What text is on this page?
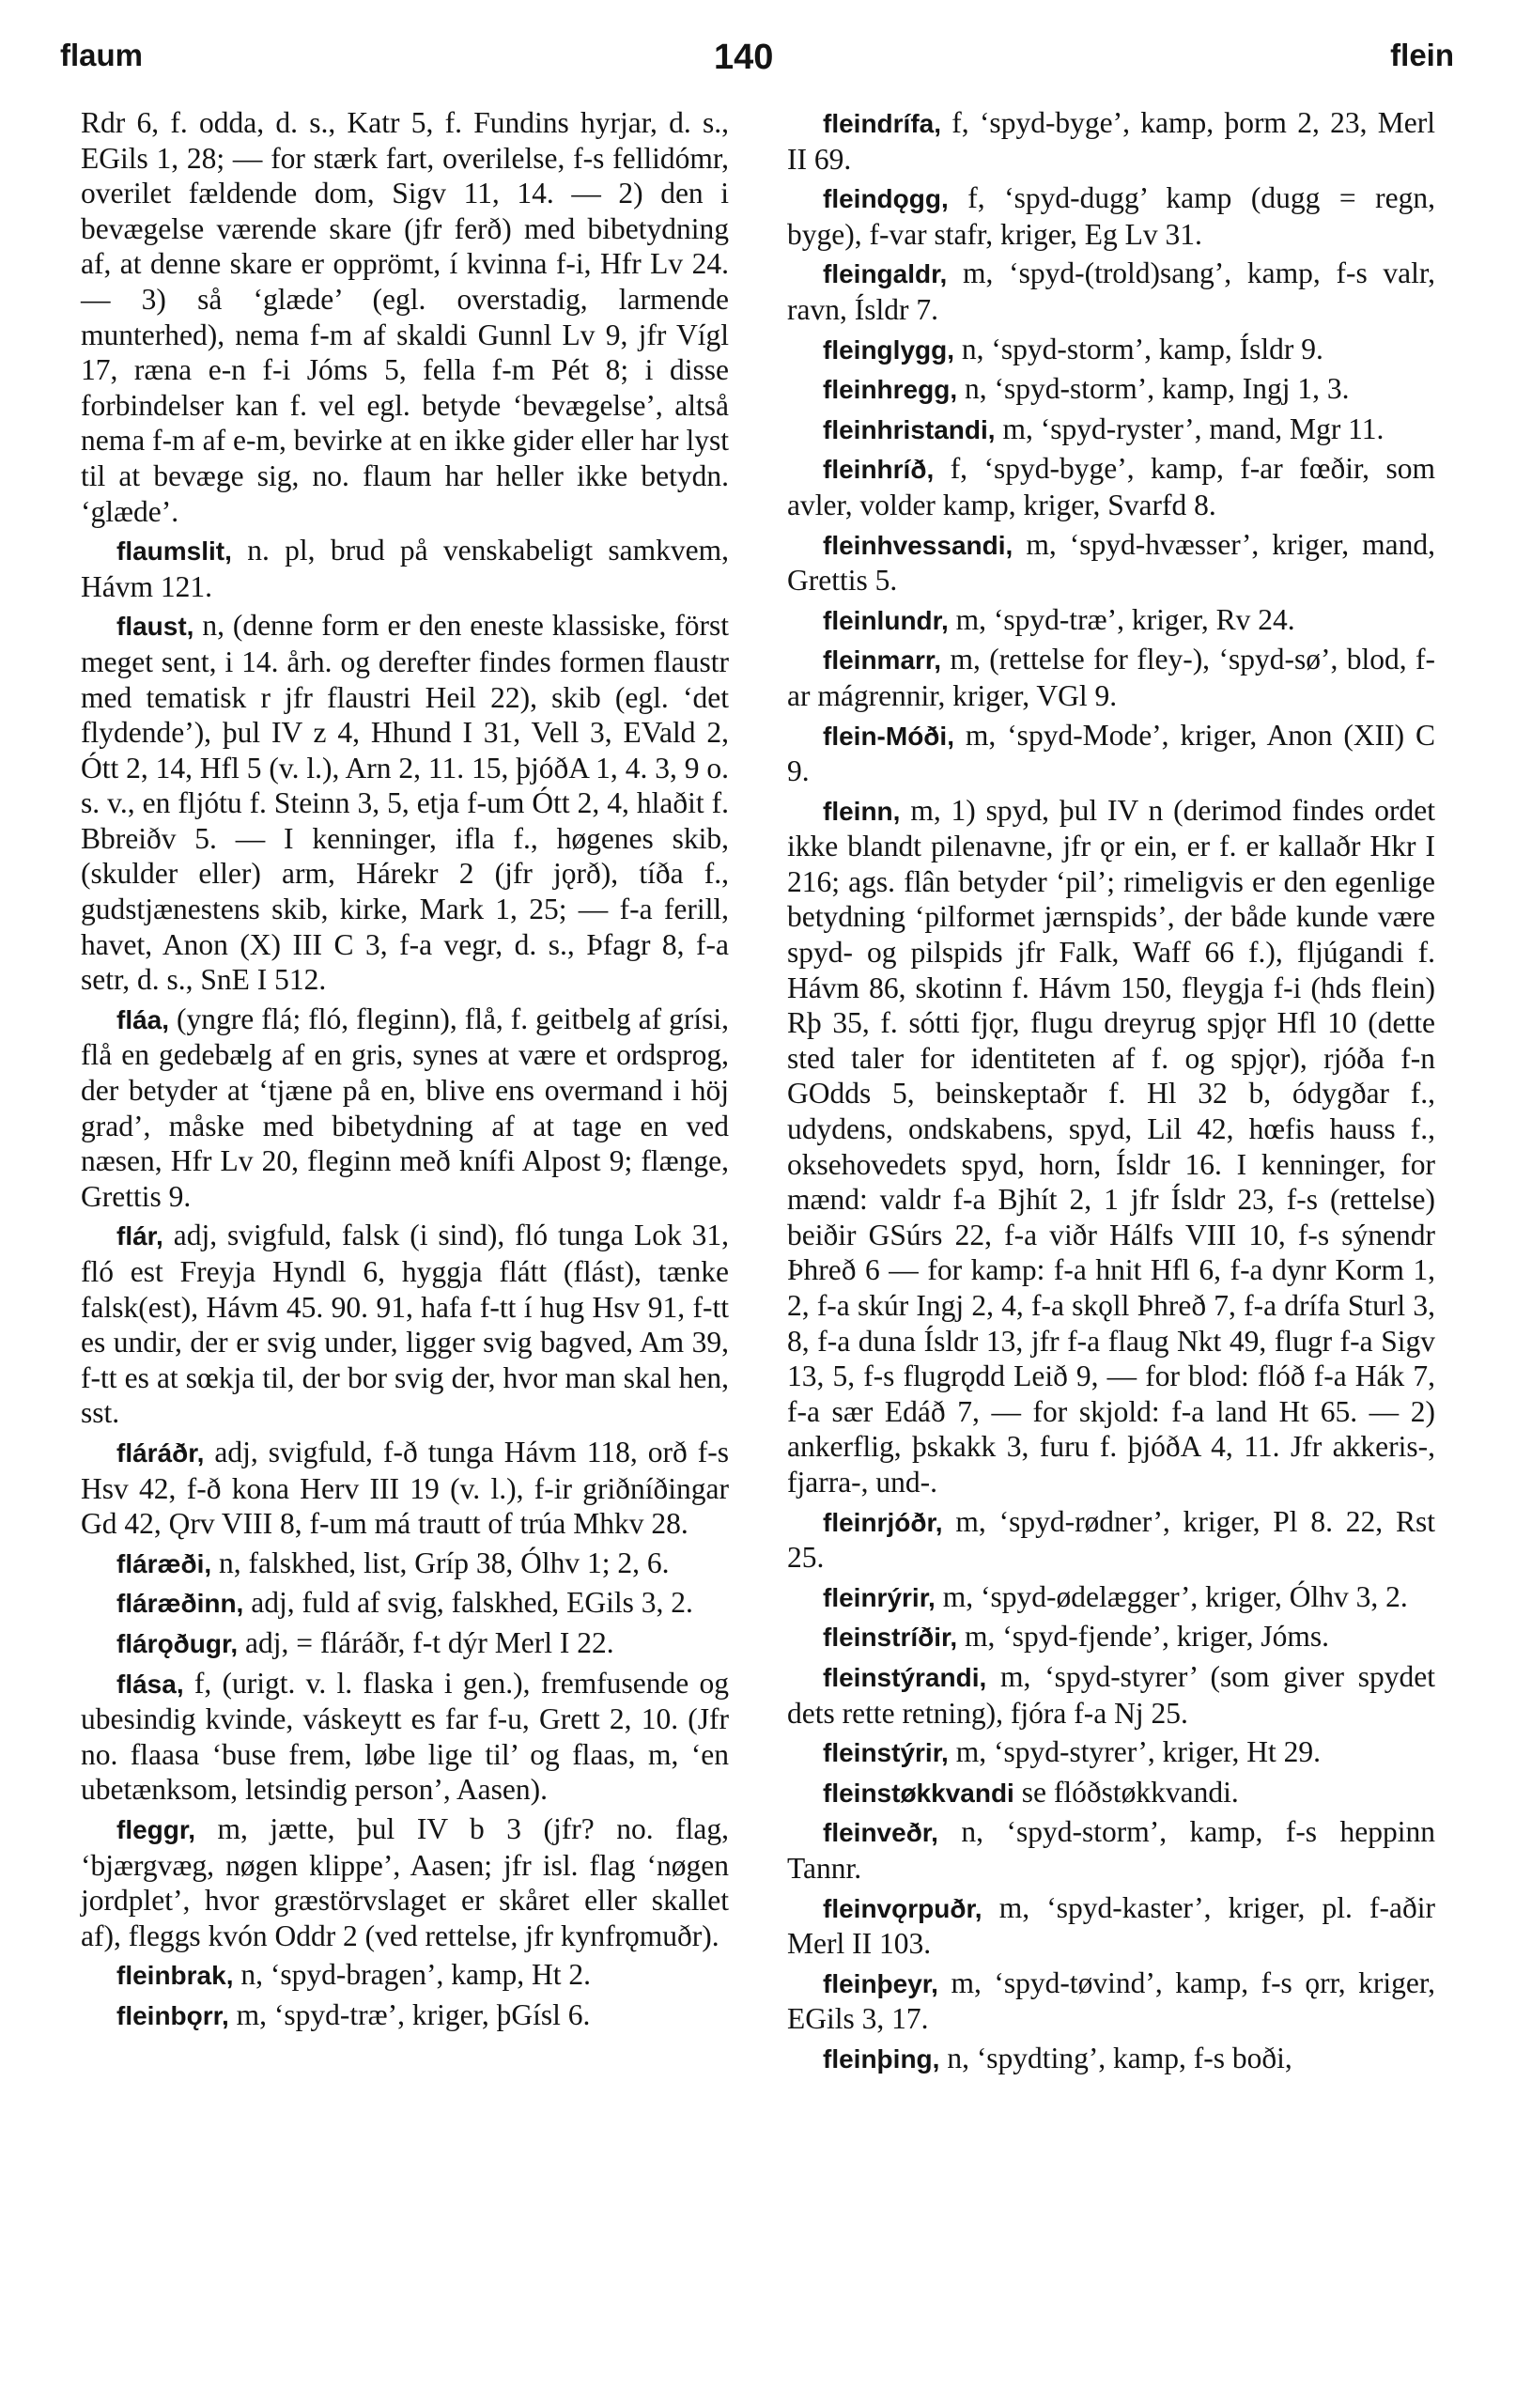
flaum	140	flein

Rdr 6, f. odda, d. s., Katr 5, f. Fundins hyrjar, d. s., EGils 1, 28; — for stærk fart, overilelse, f-s fellidómr, overilet fældende dom, Sigv 11, 14. — 2) den i bevægelse værende skare (jfr ferð) med bibetydning af, at denne skare er opprömt, í kvinna f-i, Hfr Lv 24. — 3) så ‘glæde’ (egl. overstadig, larmende munterhed), nema f-m af skaldi Gunnl Lv 9, jfr Vígl 17, ræna e-n f-i Jóms 5, fella f-m Pét 8; i disse forbindelser kan f. vel egl. betyde ‘bevægelse’, altså nema f-m af e-m, bevirke at en ikke gider eller har lyst til at bevæge sig, no. flaum har heller ikke betydn. ‘glæde’.

flaumslit, n. pl, brud på venskabeligt samkvem, Hávm 121.

flaust, n, (denne form er den eneste klassiske, först meget sent, i 14. årh. og derefter findes formen flaustr med tematisk r jfr flaustri Heil 22), skib (egl. ‘det flydende’), þul IV z 4, Hhund I 31, Vell 3, EVald 2, Ótt 2, 14, Hfl 5 (v. l.), Arn 2, 11. 15, þjóðA 1, 4. 3, 9 o. s. v., en fljótu f. Steinn 3, 5, etja f-um Ótt 2, 4, hlaðit f. Bbreiðv 5. — I kenninger, ifla f., høgenes skib, (skulder eller) arm, Hárekr 2 (jfr jǫrð), tíða f., gudstjænestens skib, kirke, Mark 1, 25; — f-a ferill, havet, Anon (X) III C 3, f-a vegr, d. s., Þfagr 8, f-a setr, d. s., SnE I 512.

fláa, (yngre flá; fló, fleginn), flå, f. geitbelg af grísi, flå en gedebælg af en gris, synes at være et ordsprog, der betyder at ‘tjæne på en, blive ens overmand i höj grad’, måske med bibetydning af at tage en ved næsen, Hfr Lv 20, fleginn með knífi Alpost 9; flænge, Grettis 9.

flár, adj, svigfuld, falsk (i sind), fló tunga Lok 31, fló est Freyja Hyndl 6, hyggja flátt (flást), tænke falsk(est), Hávm 45. 90. 91, hafa f-tt í hug Hsv 91, f-tt es undir, der er svig under, ligger svig bagved, Am 39, f-tt es at sœkja til, der bor svig der, hvor man skal hen, sst.

fláráðr, adj, svigfuld, f-ð tunga Hávm 118, orð f-s Hsv 42, f-ð kona Herv III 19 (v. l.), f-ir griðníðingar Gd 42, Ǫrv VIII 8, f-um má trautt of trúa Mhkv 28.

fláræði, n, falskhed, list, Gríp 38, Ólhv 1; 2, 6.

fláræðinn, adj, fuld af svig, falskhed, EGils 3, 2.

flárǫðugr, adj, = fláráðr, f-t dýr Merl I 22.

flása, f, (urigt. v. l. flaska i gen.), fremfusende og ubesindig kvinde, váskeytt es far f-u, Grett 2, 10. (Jfr no. flaasa ‘buse frem, løbe lige til’ og flaas, m, ‘en ubetænksom, letsindig person’, Aasen).

fleggr, m, jætte, þul IV b 3 (jfr? no. flag, ‘bjærgvæg, nøgen klippe’, Aasen; jfr isl. flag ‘nøgen jordplet’, hvor græstörvslaget er skåret eller skallet af), fleggs kvón Oddr 2 (ved rettelse, jfr kynfrǫmuðr).

fleinbrak, n, ‘spyd-bragen’, kamp, Ht 2.

fleinbǫrr, m, ‘spyd-træ’, kriger, þGísl 6.

fleindrífa, f, ‘spyd-byge’, kamp, þorm 2, 23, Merl II 69.

fleindǫgg, f, ‘spyd-dugg’ kamp (dugg = regn, byge), f-var stafr, kriger, Eg Lv 31.

fleingaldr, m, ‘spyd-(trold)sang’, kamp, f-s valr, ravn, Ísldr 7.

fleinglygg, n, ‘spyd-storm’, kamp, Ísldr 9.

fleinhregg, n, ‘spyd-storm’, kamp, Ingj 1, 3.

fleinhristandi, m, ‘spyd-ryster’, mand, Mgr 11.

fleinhríð, f, ‘spyd-byge’, kamp, f-ar fœðir, som avler, volder kamp, kriger, Svarfd 8.

fleinhvessandi, m, ‘spyd-hvæsser’, kriger, mand, Grettis 5.

fleinlundr, m, ‘spyd-træ’, kriger, Rv 24.

fleinmarr, m, (rettelse for fley-), ‘spyd-sø’, blod, f-ar mágrennir, kriger, VGl 9.

flein-Móði, m, ‘spyd-Mode’, kriger, Anon (XII) C 9.

fleinn, m, 1) spyd, þul IV n (derimod findes ordet ikke blandt pilenavne, jfr ǫr ein, er f. er kallaðr Hkr I 216; ags. flân betyder ‘pil’; rimeligvis er den egenlige betydning ‘pilformet jærnspids’, der både kunde være spyd- og pilspids jfr Falk, Waff 66 f.), fljúgandi f. Hávm 86, skotinn f. Hávm 150, fleygja f-i (hds flein) Rþ 35, f. sótti fjǫr, flugu dreyrug spjǫr Hfl 10 (dette sted taler for identiteten af f. og spjǫr), rjóða f-n GOdds 5, beinskeptaðr f. Hl 32 b, ódygðar f., udydens, ondskabens, spyd, Lil 42, hœfis hauss f., oksehovedets spyd, horn, Ísldr 16. I kenninger, for mænd: valdr f-a Bjhít 2, 1 jfr Ísldr 23, f-s (rettelse) beiðir GSúrs 22, f-a viðr Hálfs VIII 10, f-s sýnendr Þhreð 6 — for kamp: f-a hnit Hfl 6, f-a dynr Korm 1, 2, f-a skúr Ingj 2, 4, f-a skǫll Þhreð 7, f-a drífa Sturl 3, 8, f-a duna Ísldr 13, jfr f-a flaug Nkt 49, flugr f-a Sigv 13, 5, f-s flugrǫdd Leið 9, — for blod: flóð f-a Hák 7, f-a sær Edáð 7, — for skjold: f-a land Ht 65. — 2) ankerflig, þskakk 3, furu f. þjóðA 4, 11. Jfr akkeris-, fjarra-, und-.

fleinrjóðr, m, ‘spyd-rødner’, kriger, Pl 8. 22, Rst 25.

fleinrýrir, m, ‘spyd-ødelægger’, kriger, Ólhv 3, 2.

fleinstríðir, m, ‘spyd-fjende’, kriger, Jóms.

fleinstýrandi, m, ‘spyd-styrer’ (som giver spydet dets rette retning), fjóra f-a Nj 25.

fleinstýrir, m, ‘spyd-styrer’, kriger, Ht 29.

fleinstøkkvandi se flóðstøkkvandi.

fleinveðr, n, ‘spyd-storm’, kamp, f-s heppinn Tannr.

fleinvǫrpuðr, m, ‘spyd-kaster’, kriger, pl. f-aðir Merl II 103.

fleinþeyr, m, ‘spyd-tøvind’, kamp, f-s ǫrr, kriger, EGils 3, 17.

fleinþing, n, ‘spydting’, kamp, f-s boði,
